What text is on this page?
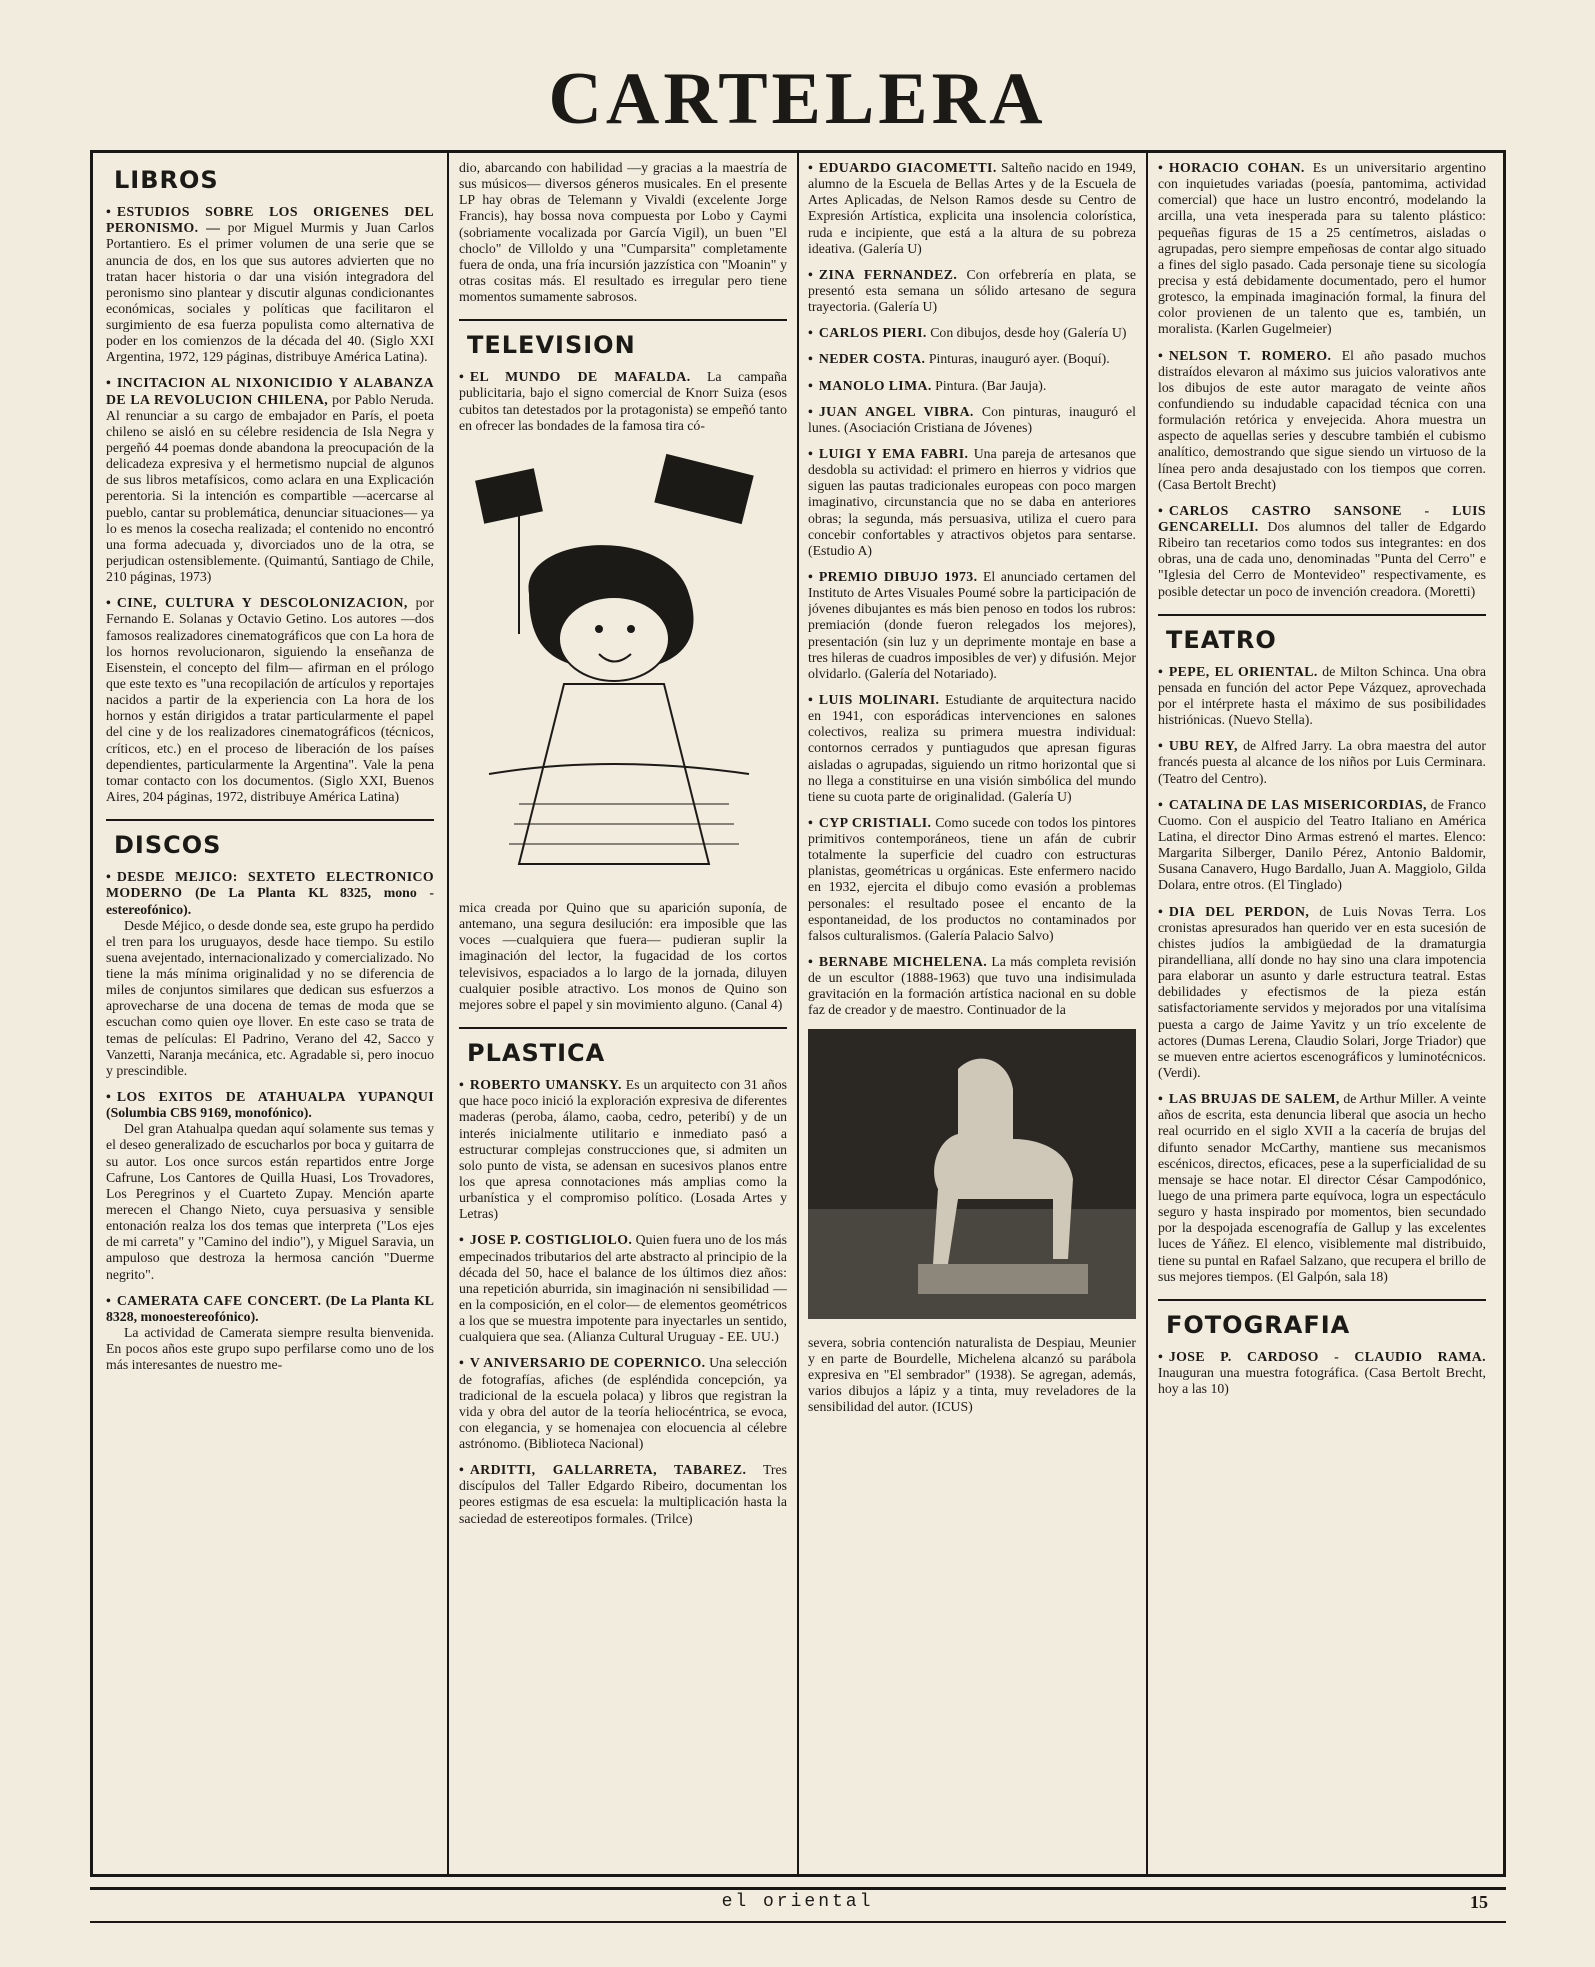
CARTELERA
LIBROS
• ESTUDIOS SOBRE LOS ORIGENES DEL PERONISMO. — por Miguel Murmis y Juan Carlos Portantiero. Es el primer volumen de una serie que se anuncia de dos, en los que sus autores advierten que no tratan hacer historia o dar una visión integradora del peronismo sino plantear y discutir algunas condicionantes económicas, sociales y políticas que facilitaron el surgimiento de esa fuerza populista como alternativa de poder en los comienzos de la década del 40. (Siglo XXI Argentina, 1972, 129 páginas, distribuye América Latina).
• INCITACION AL NIXONICIDIO Y ALABANZA DE LA REVOLUCION CHILENA, por Pablo Neruda. Al renunciar a su cargo de embajador en París, el poeta chileno se aisló en su célebre residencia de Isla Negra y pergeñó 44 poemas donde abandona la preocupación de la delicadeza expresiva y el hermetismo nupcial de algunos de sus libros metafísicos, como aclara en una Explicación perentoria. Si la intención es compartible —acercarse al pueblo, cantar su problemática, denunciar situaciones— ya lo es menos la cosecha realizada; el contenido no encontró una forma adecuada y, divorciados uno de la otra, se perjudican ostensiblemente. (Quimantú, Santiago de Chile, 210 páginas, 1973)
• CINE, CULTURA Y DESCOLONIZACION, por Fernando E. Solanas y Octavio Getino. Los autores —dos famosos realizadores cinematográficos que con La hora de los hornos revolucionaron, siguiendo la enseñanza de Eisenstein, el concepto del film— afirman en el prólogo que este texto es "una recopilación de artículos y reportajes nacidos a partir de la experiencia con La hora de los hornos y están dirigidos a tratar particularmente el papel del cine y de los realizadores cinematográficos (técnicos, críticos, etc.) en el proceso de liberación de los países dependientes, particularmente la Argentina". Vale la pena tomar contacto con los documentos. (Siglo XXI, Buenos Aires, 204 páginas, 1972, distribuye América Latina)
DISCOS
• DESDE MEJICO: SEXTETO ELECTRONICO MODERNO (De La Planta KL 8325, mono - estereofónico).

Desde Méjico, o desde donde sea, este grupo ha perdido el tren para los uruguayos, desde hace tiempo. Su estilo suena avejentado, internacionalizado y comercializado. No tiene la más mínima originalidad y no se diferencia de miles de conjuntos similares que dedican sus esfuerzos a aprovecharse de una docena de temas de moda que se escuchan como quien oye llover. En este caso se trata de temas de películas: El Padrino, Verano del 42, Sacco y Vanzetti, Naranja mecánica, etc. Agradable si, pero inocuo y prescindible.

• LOS EXITOS DE ATAHUALPA YUPANQUI (Solumbia CBS 9169, monofónico).

Del gran Atahualpa quedan aquí solamente sus temas y el deseo generalizado de escucharlos por boca y guitarra de su autor. Los once surcos están repartidos entre Jorge Cafrune, Los Cantores de Quilla Huasi, Los Trovadores, Los Peregrinos y el Cuarteto Zupay. Mención aparte merecen el Chango Nieto, cuya persuasiva y sensible entonación realza los dos temas que interpreta ("Los ejes de mi carreta" y "Camino del indio"), y Miguel Saravia, un ampuloso que destroza la hermosa canción "Duerme negrito".

• CAMERATA CAFE CONCERT. (De La Planta KL 8328, monoestereofónico).

La actividad de Camerata siempre resulta bienvenida. En pocos años este grupo supo perfilarse como uno de los más interesantes de nuestro me-

dio, abarcando con habilidad —y gracias a la maestría de sus músicos— diversos géneros musicales. En el presente LP hay obras de Telemann y Vivaldi (excelente Jorge Francis), hay bossa nova compuesta por Lobo y Caymi (sobriamente vocalizada por García Vigil), un buen "El choclo" de Villoldo y una "Cumparsita" completamente fuera de onda, una fría incursión jazzística con "Moanin" y otras cositas más. El resultado es irregular pero tiene momentos sumamente sabrosos.

TELEVISION
• EL MUNDO DE MAFALDA. La campaña publicitaria, bajo el signo comercial de Knorr Suiza (esos cubitos tan detestados por la protagonista) se empeñó tanto en ofrecer las bondades de la famosa tira có-

mica creada por Quino que su aparición suponía, de antemano, una segura desilución: era imposible que las voces —cualquiera que fuera— pudieran suplir la imaginación del lector, la fugacidad de los cortos televisivos, espaciados a lo largo de la jornada, diluyen cualquier posible atractivo. Los monos de Quino son mejores sobre el papel y sin movimiento alguno. (Canal 4)

PLASTICA
• ROBERTO UMANSKY. Es un arquitecto con 31 años que hace poco inició la exploración expresiva de diferentes maderas (peroba, álamo, caoba, cedro, peteribí) y de un interés inicialmente utilitario e inmediato pasó a estructurar complejas construcciones que, si admiten un solo punto de vista, se adensan en sucesivos planos entre los que apresa connotaciones más amplias como la urbanística y el compromiso político. (Losada Artes y Letras)
• JOSE P. COSTIGLIOLO. Quien fuera uno de los más empecinados tributarios del arte abstracto al principio de la década del 50, hace el balance de los últimos diez años: una repetición aburrida, sin imaginación ni sensibilidad —en la composición, en el color— de elementos geométricos a los que se muestra impotente para inyectarles un sentido, cualquiera que sea. (Alianza Cultural Uruguay - EE. UU.)
• V ANIVERSARIO DE COPERNICO. Una selección de fotografías, afiches (de espléndida concepción, ya tradicional de la escuela polaca) y libros que registran la vida y obra del autor de la teoría heliocéntrica, se evoca, con elegancia, y se homenajea con elocuencia al célebre astrónomo. (Biblioteca Nacional)
• ARDITTI, GALLARRETA, TABAREZ. Tres discípulos del Taller Edgardo Ribeiro, documentan los peores estigmas de esa escuela: la multiplicación hasta la saciedad de estereotipos formales. (Trilce)
• EDUARDO GIACOMETTI. Salteño nacido en 1949, alumno de la Escuela de Bellas Artes y de la Escuela de Artes Aplicadas, de Nelson Ramos desde su Centro de Expresión Artística, explicita una insolencia colorística, ruda e incipiente, que está a la altura de su pobreza ideativa. (Galería U)
• ZINA FERNANDEZ. Con orfebrería en plata, se presentó esta semana un sólido artesano de segura trayectoria. (Galería U)
• CARLOS PIERI. Con dibujos, desde hoy (Galería U)
• NEDER COSTA. Pinturas, inauguró ayer. (Boquí).
• MANOLO LIMA. Pintura. (Bar Jauja).
• JUAN ANGEL VIBRA. Con pinturas, inauguró el lunes. (Asociación Cristiana de Jóvenes)
• LUIGI Y EMA FABRI. Una pareja de artesanos que desdobla su actividad: el primero en hierros y vidrios que siguen las pautas tradicionales europeas con poco margen imaginativo, circunstancia que no se daba en anteriores obras; la segunda, más persuasiva, utiliza el cuero para concebir confortables y atractivos objetos para sentarse. (Estudio A)
• PREMIO DIBUJO 1973. El anunciado certamen del Instituto de Artes Visuales Poumé sobre la participación de jóvenes dibujantes es más bien penoso en todos los rubros: premiación (donde fueron relegados los mejores), presentación (sin luz y un deprimente montaje en base a tres hileras de cuadros imposibles de ver) y difusión. Mejor olvidarlo. (Galería del Notariado).
• LUIS MOLINARI. Estudiante de arquitectura nacido en 1941, con esporádicas intervenciones en salones colectivos, realiza su primera muestra individual: contornos cerrados y puntiagudos que apresan figuras aisladas o agrupadas, siguiendo un ritmo horizontal que si no llega a constituirse en una visión simbólica del mundo tiene su cuota parte de originalidad. (Galería U)
• CYP CRISTIALI. Como sucede con todos los pintores primitivos contemporáneos, tiene un afán de cubrir totalmente la superficie del cuadro con estructuras planistas, geométricas u orgánicas. Este enfermero nacido en 1932, ejercita el dibujo como evasión a problemas personales: el resultado posee el encanto de la espontaneidad, de los productos no contaminados por falsos culturalismos. (Galería Palacio Salvo)
• BERNABE MICHELENA. La más completa revisión de un escultor (1888-1963) que tuvo una indisimulada gravitación en la formación artística nacional en su doble faz de creador y de maestro. Continuador de la

severa, sobria contención naturalista de Despiau, Meunier y en parte de Bourdelle, Michelena alcanzó su parábola expresiva en "El sembrador" (1938). Se agregan, además, varios dibujos a lápiz y a tinta, muy reveladores de la sensibilidad del autor. (ICUS)

• HORACIO COHAN. Es un universitario argentino con inquietudes variadas (poesía, pantomima, actividad comercial) que hace un lustro encontró, modelando la arcilla, una veta inesperada para su talento plástico: pequeñas figuras de 15 a 25 centímetros, aisladas o agrupadas, pero siempre empeñosas de contar algo situado a fines del siglo pasado. Cada personaje tiene su sicología precisa y está debidamente documentado, pero el humor grotesco, la empinada imaginación formal, la finura del color provienen de un talento que es, también, un moralista. (Karlen Gugelmeier)
• NELSON T. ROMERO. El año pasado muchos distraídos elevaron al máximo sus juicios valorativos ante los dibujos de este autor maragato de veinte años confundiendo su indudable capacidad técnica con una formulación retórica y envejecida. Ahora muestra un aspecto de aquellas series y descubre también el cubismo analítico, demostrando que sigue siendo un virtuoso de la línea pero anda desajustado con los tiempos que corren. (Casa Bertolt Brecht)
• CARLOS CASTRO SANSONE - LUIS GENCARELLI. Dos alumnos del taller de Edgardo Ribeiro tan recetarios como todos sus integrantes: en dos obras, una de cada uno, denominadas "Punta del Cerro" e "Iglesia del Cerro de Montevideo" respectivamente, es posible detectar un poco de invención creadora. (Moretti)
TEATRO
• PEPE, EL ORIENTAL. de Milton Schinca. Una obra pensada en función del actor Pepe Vázquez, aprovechada por el intérprete hasta el máximo de sus posibilidades histriónicas. (Nuevo Stella).
• UBU REY, de Alfred Jarry. La obra maestra del autor francés puesta al alcance de los niños por Luis Cerminara. (Teatro del Centro).
• CATALINA DE LAS MISERICORDIAS, de Franco Cuomo. Con el auspicio del Teatro Italiano en América Latina, el director Dino Armas estrenó el martes. Elenco: Margarita Silberger, Danilo Pérez, Antonio Baldomir, Susana Canavero, Hugo Bardallo, Juan A. Maggiolo, Gilda Dolara, entre otros. (El Tinglado)
• DIA DEL PERDON, de Luis Novas Terra. Los cronistas apresurados han querido ver en esta sucesión de chistes judíos la ambigüedad de la dramaturgia pirandelliana, allí donde no hay sino una clara impotencia para elaborar un asunto y darle estructura teatral. Estas debilidades y efectismos de la pieza están satisfactoriamente servidos y mejorados por una vitalísima puesta a cargo de Jaime Yavitz y un trío excelente de actores (Dumas Lerena, Claudio Solari, Jorge Triador) que se mueven entre aciertos escenográficos y luminotécnicos. (Verdi).
• LAS BRUJAS DE SALEM, de Arthur Miller. A veinte años de escrita, esta denuncia liberal que asocia un hecho real ocurrido en el siglo XVII a la cacería de brujas del difunto senador McCarthy, mantiene sus mecanismos escénicos, directos, eficaces, pese a la superficialidad de su mensaje se hace notar. El director César Campodónico, luego de una primera parte equívoca, logra un espectáculo seguro y hasta inspirado por momentos, bien secundado por la despojada escenografía de Gallup y las excelentes luces de Yáñez. El elenco, visiblemente mal distribuido, tiene su puntal en Rafael Salzano, que recupera el brillo de sus mejores tiempos. (El Galpón, sala 18)
FOTOGRAFIA
• JOSE P. CARDOSO - CLAUDIO RAMA. Inauguran una muestra fotográfica. (Casa Bertolt Brecht, hoy a las 10)
el oriental	15
